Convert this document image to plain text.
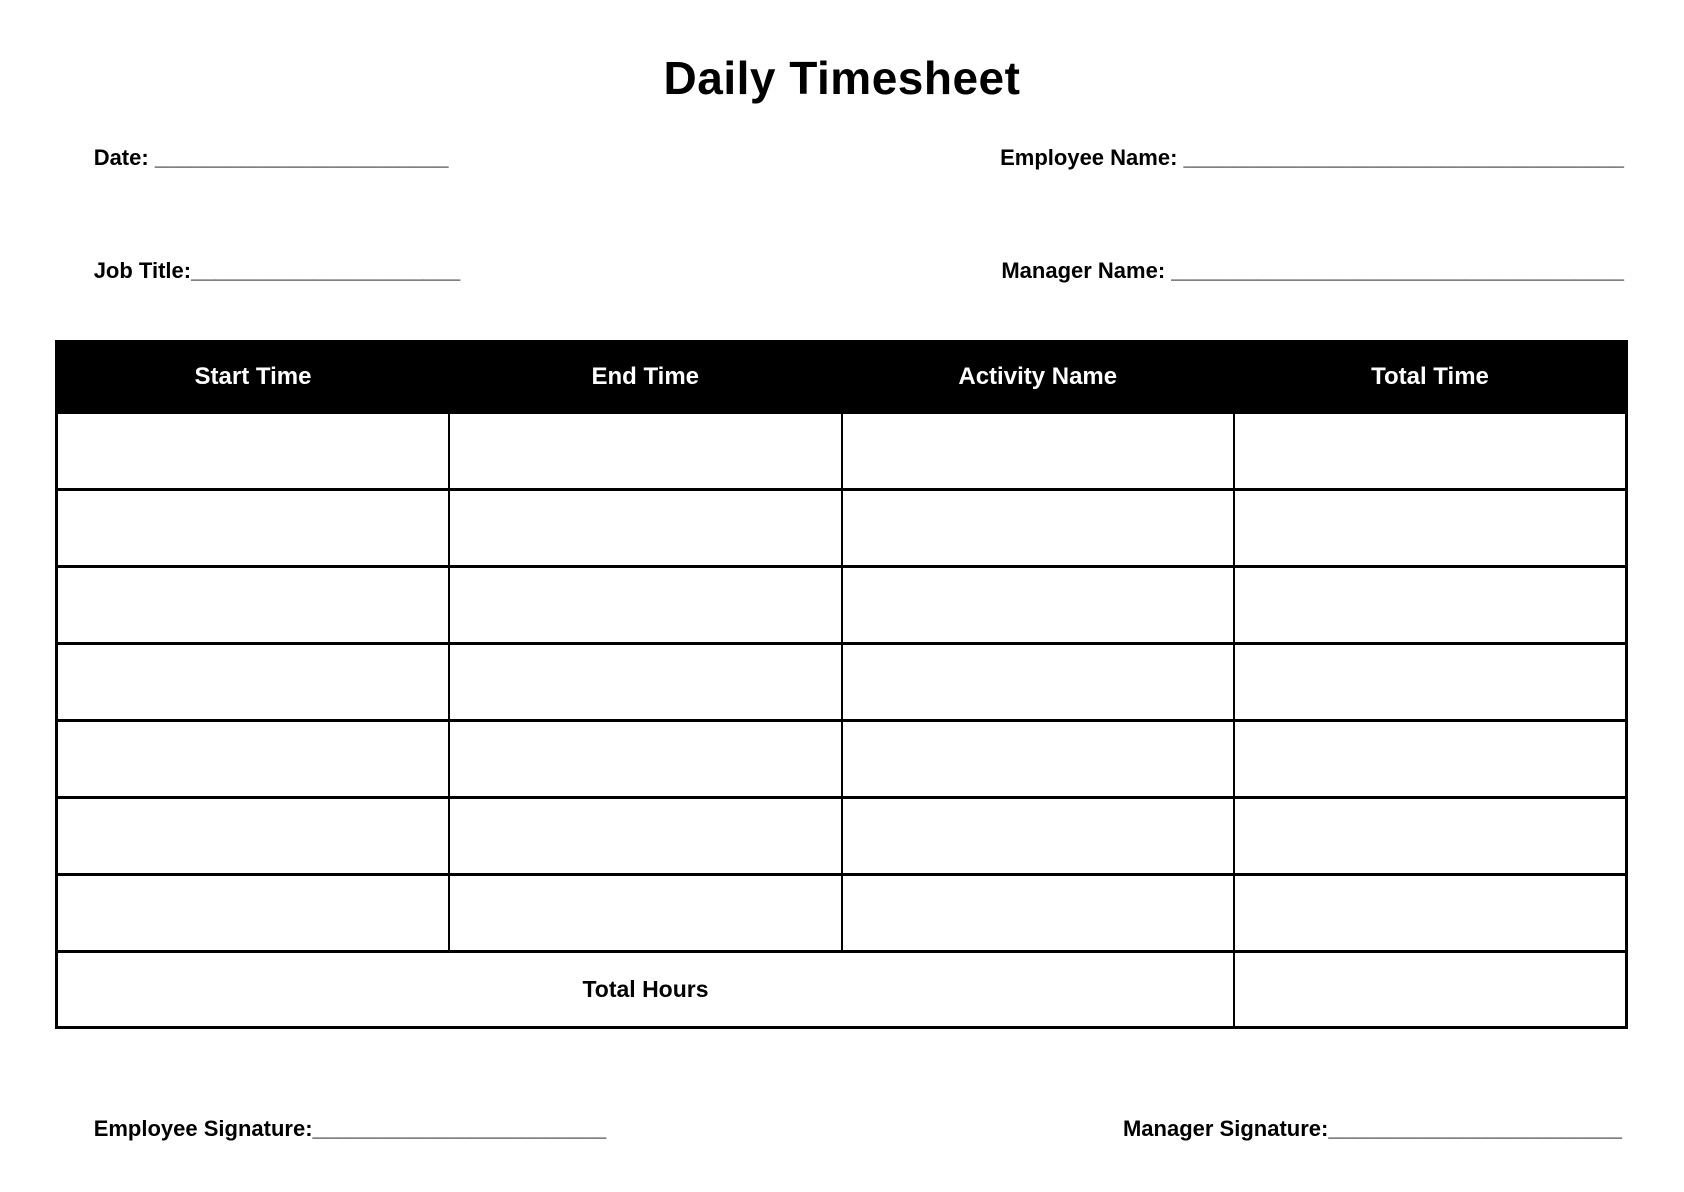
Daily Timesheet

Date: ________________________
	Employee Name: ____________________________________

Job Title:______________________
	Manager Name: _____________________________________

Start Time	End Time	Activity Name	Total Time

Total Hours			

Employee Signature:________________________
	Manager Signature:________________________
